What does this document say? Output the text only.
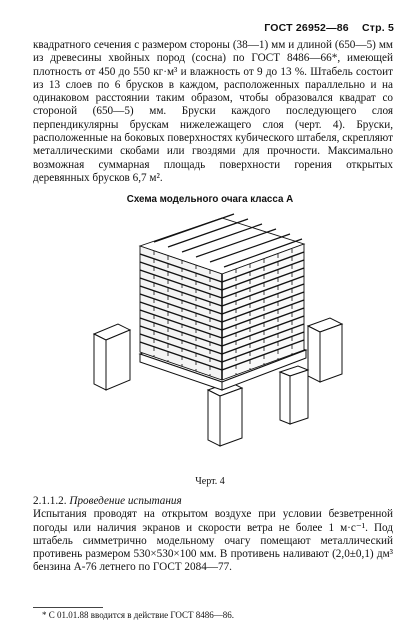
ГОСТ 26952—86 Стр. 5

квадратного сечения с размером стороны (38—1) мм и длиной (650—5) мм из древесины хвойных пород (сосна) по ГОСТ 8486—66*, имеющей плотность от 450 до 550 кг·м³ и влажность от 9 до 13 %. Штабель состоит из 13 слоев по 6 брусков в каждом, расположенных параллельно и на одинаковом расстоянии таким образом, чтобы образовался квадрат со стороной (650—5) мм. Бруски каждого последующего слоя перпендикулярны брускам нижележащего слоя (черт. 4). Бруски, расположенные на боковых поверхностях кубического штабеля, скрепляют металлическими скобами или гвоздями для прочности. Максимально возможная суммарная площадь поверхности горения открытых деревянных брусков 6,7 м².

Схема модельного очага класса А
Черт. 4
2.1.1.2. Проведение испытания
Испытания проводят на открытом воздухе при условии безветренной погоды или наличия экранов и скорости ветра не более 1 м·с⁻¹. Под штабель симметрично модельному очагу помещают металлический противень размером 530×530×100 мм. В противень наливают (2,0±0,1) дм³ бензина А-76 летнего по ГОСТ 2084—77.
* С 01.01.88 вводится в действие ГОСТ 8486—86.
